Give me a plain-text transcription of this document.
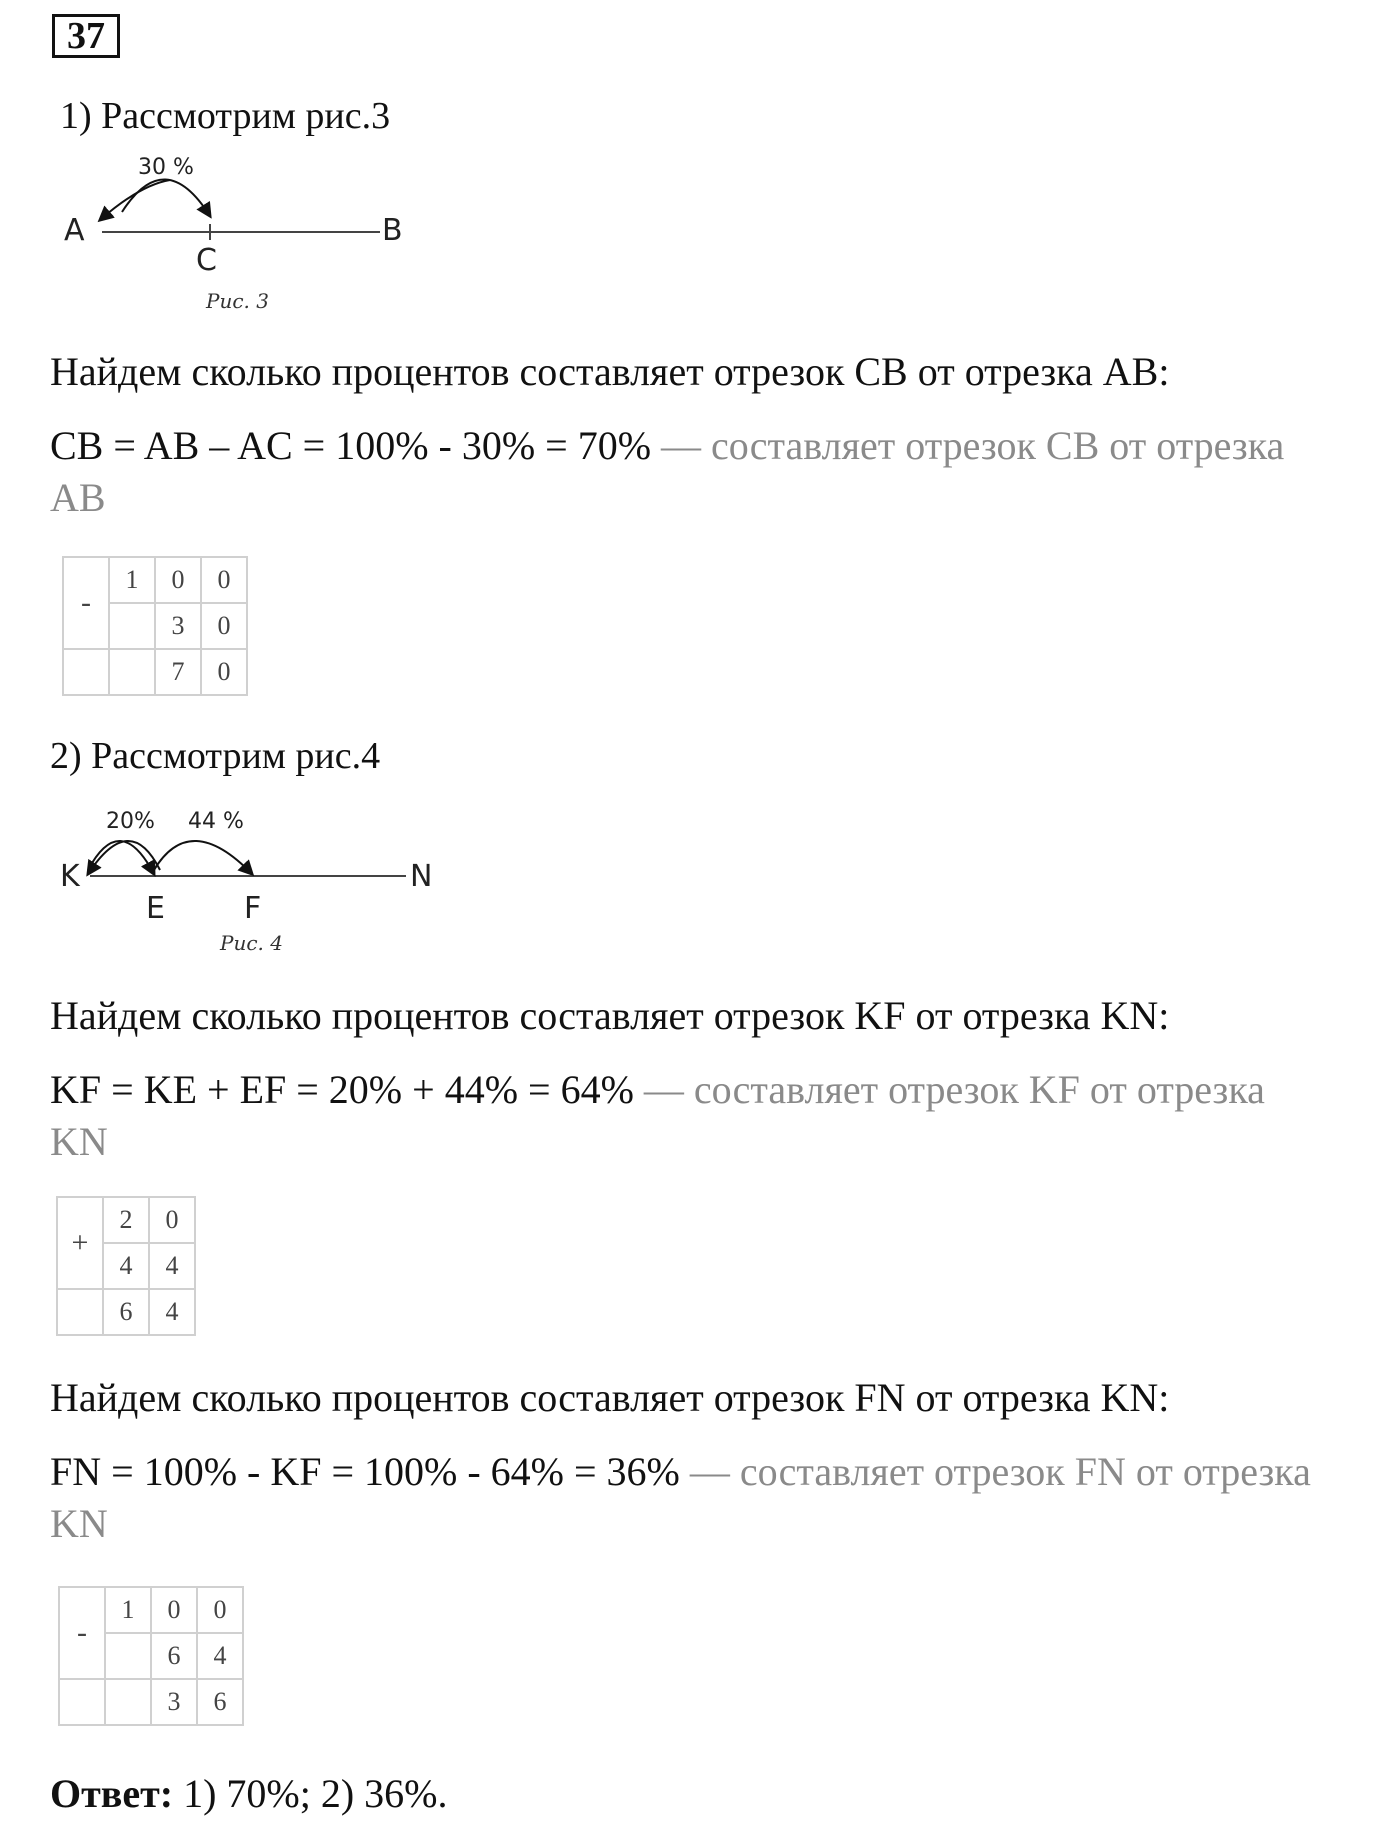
37
1) Рассмотрим рис.3
30 %
A	B
C
Рис. 3
Найдем сколько процентов составляет отрезок CB от отрезка AB:
CB = AB – AC = 100% - 30% = 70% — составляет отрезок CB от отрезка
AB
-	1	0	0
		3	0
		7	0
2) Рассмотрим рис.4
20% 44 %
K	N
E	F
Рис. 4
Найдем сколько процентов составляет отрезок KF от отрезка KN:
KF = KE + EF = 20% + 44% = 64% — составляет отрезок KF от отрезка
KN
+	2	0
	4	4
	6	4
Найдем сколько процентов составляет отрезок FN от отрезка KN:
FN = 100% - KF = 100% - 64% = 36% — составляет отрезок FN от отрезка
KN
-	1	0	0
		6	4
		3	6
Ответ: 1) 70%; 2) 36%.
